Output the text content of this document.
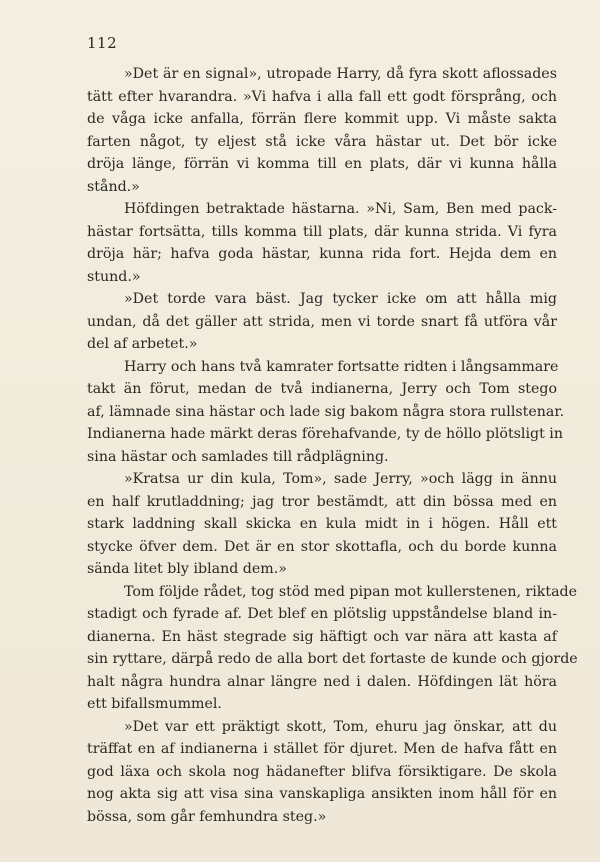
112
»Det är en signal», utropade Harry, då fyra skott aflossades
tätt efter hvarandra. »Vi hafva i alla fall ett godt försprång, och
de våga icke anfalla, förrän flere kommit upp. Vi måste sakta
farten något, ty eljest stå icke våra hästar ut. Det bör icke
dröja länge, förrän vi komma till en plats, där vi kunna hålla
stånd.»
Höfdingen betraktade hästarna. »Ni, Sam, Ben med pack-
hästar fortsätta, tills komma till plats, där kunna strida. Vi fyra
dröja här; hafva goda hästar, kunna rida fort. Hejda dem en
stund.»
»Det torde vara bäst. Jag tycker icke om att hålla mig
undan, då det gäller att strida, men vi torde snart få utföra vår
del af arbetet.»
Harry och hans två kamrater fortsatte ridten i långsammare
takt än förut, medan de två indianerna, Jerry och Tom stego
af, lämnade sina hästar och lade sig bakom några stora rullstenar.
Indianerna hade märkt deras förehafvande, ty de höllo plötsligt in
sina hästar och samlades till rådplägning.
»Kratsa ur din kula, Tom», sade Jerry, »och lägg in ännu
en half krutladdning; jag tror bestämdt, att din bössa med en
stark laddning skall skicka en kula midt in i högen. Håll ett
stycke öfver dem. Det är en stor skottafla, och du borde kunna
sända litet bly ibland dem.»
Tom följde rådet, tog stöd med pipan mot kullerstenen, riktade
stadigt och fyrade af. Det blef en plötslig uppståndelse bland in-
dianerna. En häst stegrade sig häftigt och var nära att kasta af
sin ryttare, därpå redo de alla bort det fortaste de kunde och gjorde
halt några hundra alnar längre ned i dalen. Höfdingen lät höra
ett bifallsmummel.
»Det var ett präktigt skott, Tom, ehuru jag önskar, att du
träffat en af indianerna i stället för djuret. Men de hafva fått en
god läxa och skola nog hädanefter blifva försiktigare. De skola
nog akta sig att visa sina vanskapliga ansikten inom håll för en
bössa, som går femhundra steg.»
